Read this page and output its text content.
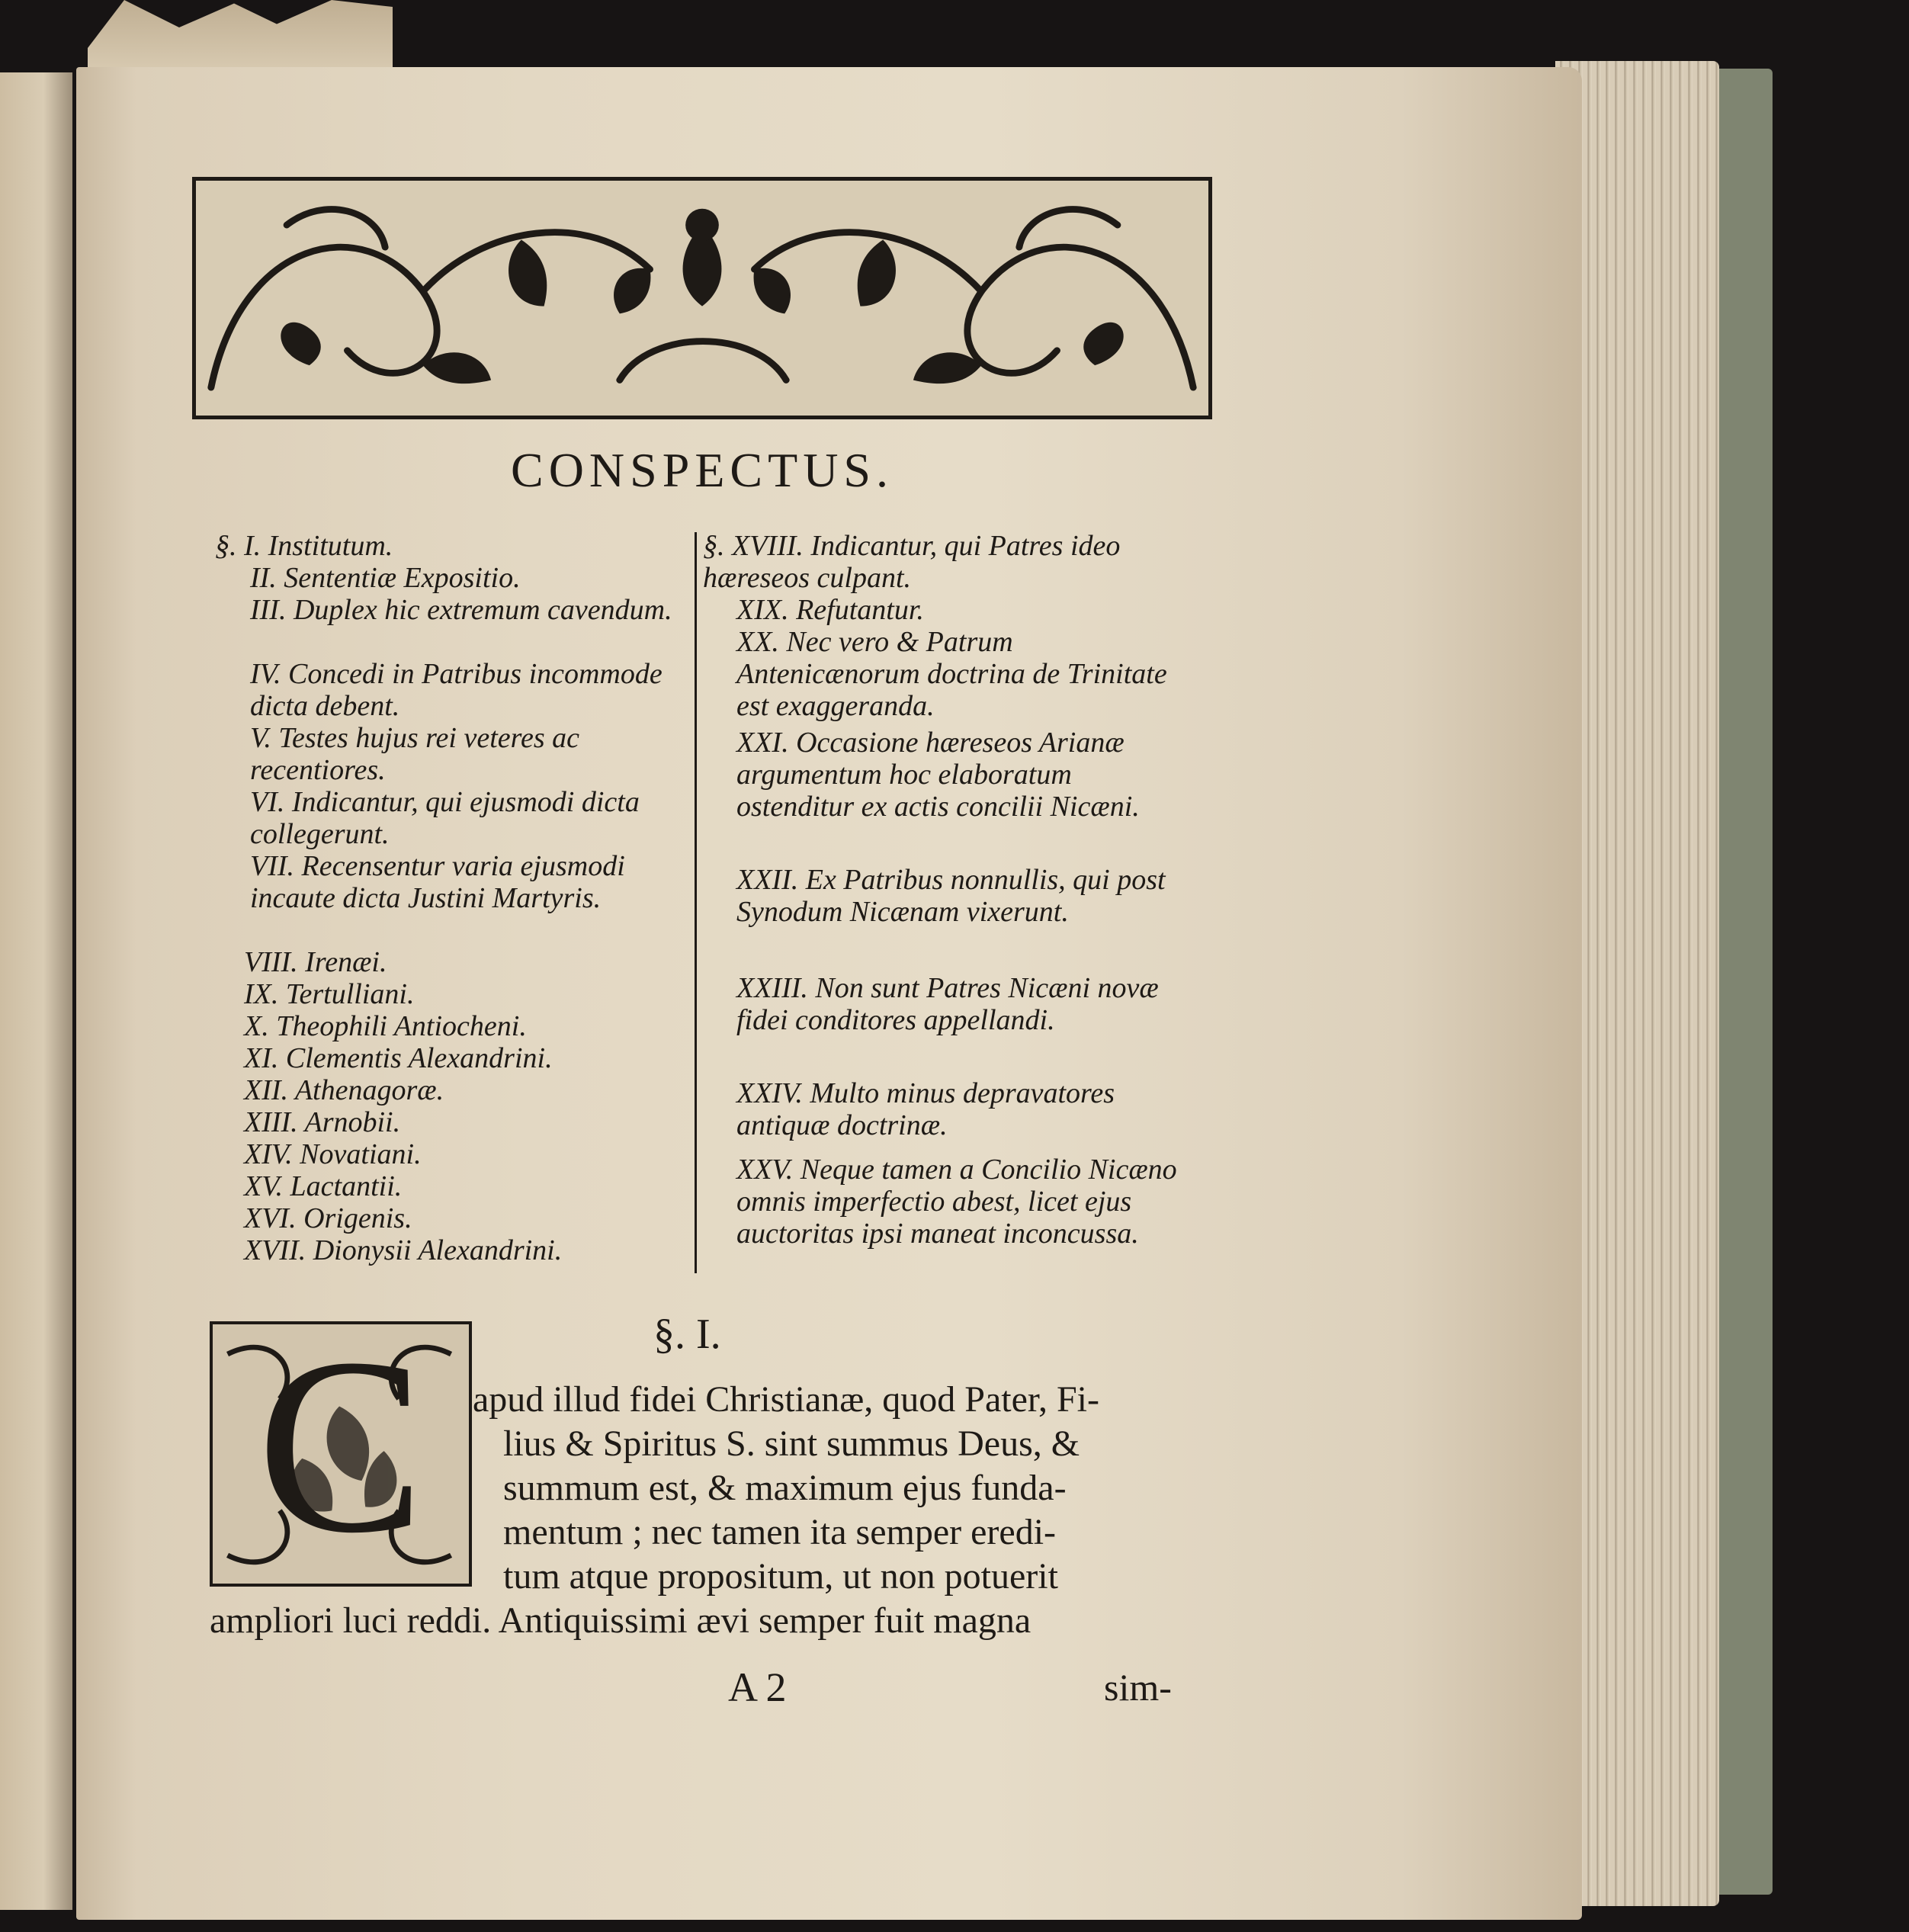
CONSPECTUS.
§. I. Institutum.
II. Sententiæ Expositio.
III. Duplex hic extremum cavendum.
IV. Concedi in Patribus incommode dicta debent.
V. Testes hujus rei veteres ac recentiores.
VI. Indicantur, qui ejusmodi dicta collegerunt.
VII. Recensentur varia ejusmodi incaute dicta Justini Martyris.
VIII. Irenæi.
IX. Tertulliani.
X. Theophili Antiocheni.
XI. Clementis Alexandrini.
XII. Athenagoræ.
XIII. Arnobii.
XIV. Novatiani.
XV. Lactantii.
XVI. Origenis.
XVII. Dionysii Alexandrini.
§. XVIII. Indicantur, qui Patres ideo hæreseos culpant.
XIX. Refutantur.
XX. Nec vero & Patrum Antenicænorum doctrina de Trinitate est exaggeranda.
XXI. Occasione hæreseos Arianæ argumentum hoc elaboratum ostenditur ex actis concilii Nicæni.
XXII. Ex Patribus nonnullis, qui post Synodum Nicænam vixerunt.
XXIII. Non sunt Patres Nicæni novæ fidei conditores appellandi.
XXIV. Multo minus depravatores antiquæ doctrinæ.
XXV. Neque tamen a Concilio Nicæno omnis imperfectio abest, licet ejus auctoritas ipsi maneat inconcussa.
§. I.
C	apud illud fidei Christianæ, quod Pater, Fi-
lius & Spiritus S. sint summus Deus, &
summum est, & maximum ejus funda-
mentum ; nec tamen ita semper eredi-
tum atque propositum, ut non potuerit
ampliori luci reddi. Antiquissimi ævi semper fuit magna
A 2	sim-
